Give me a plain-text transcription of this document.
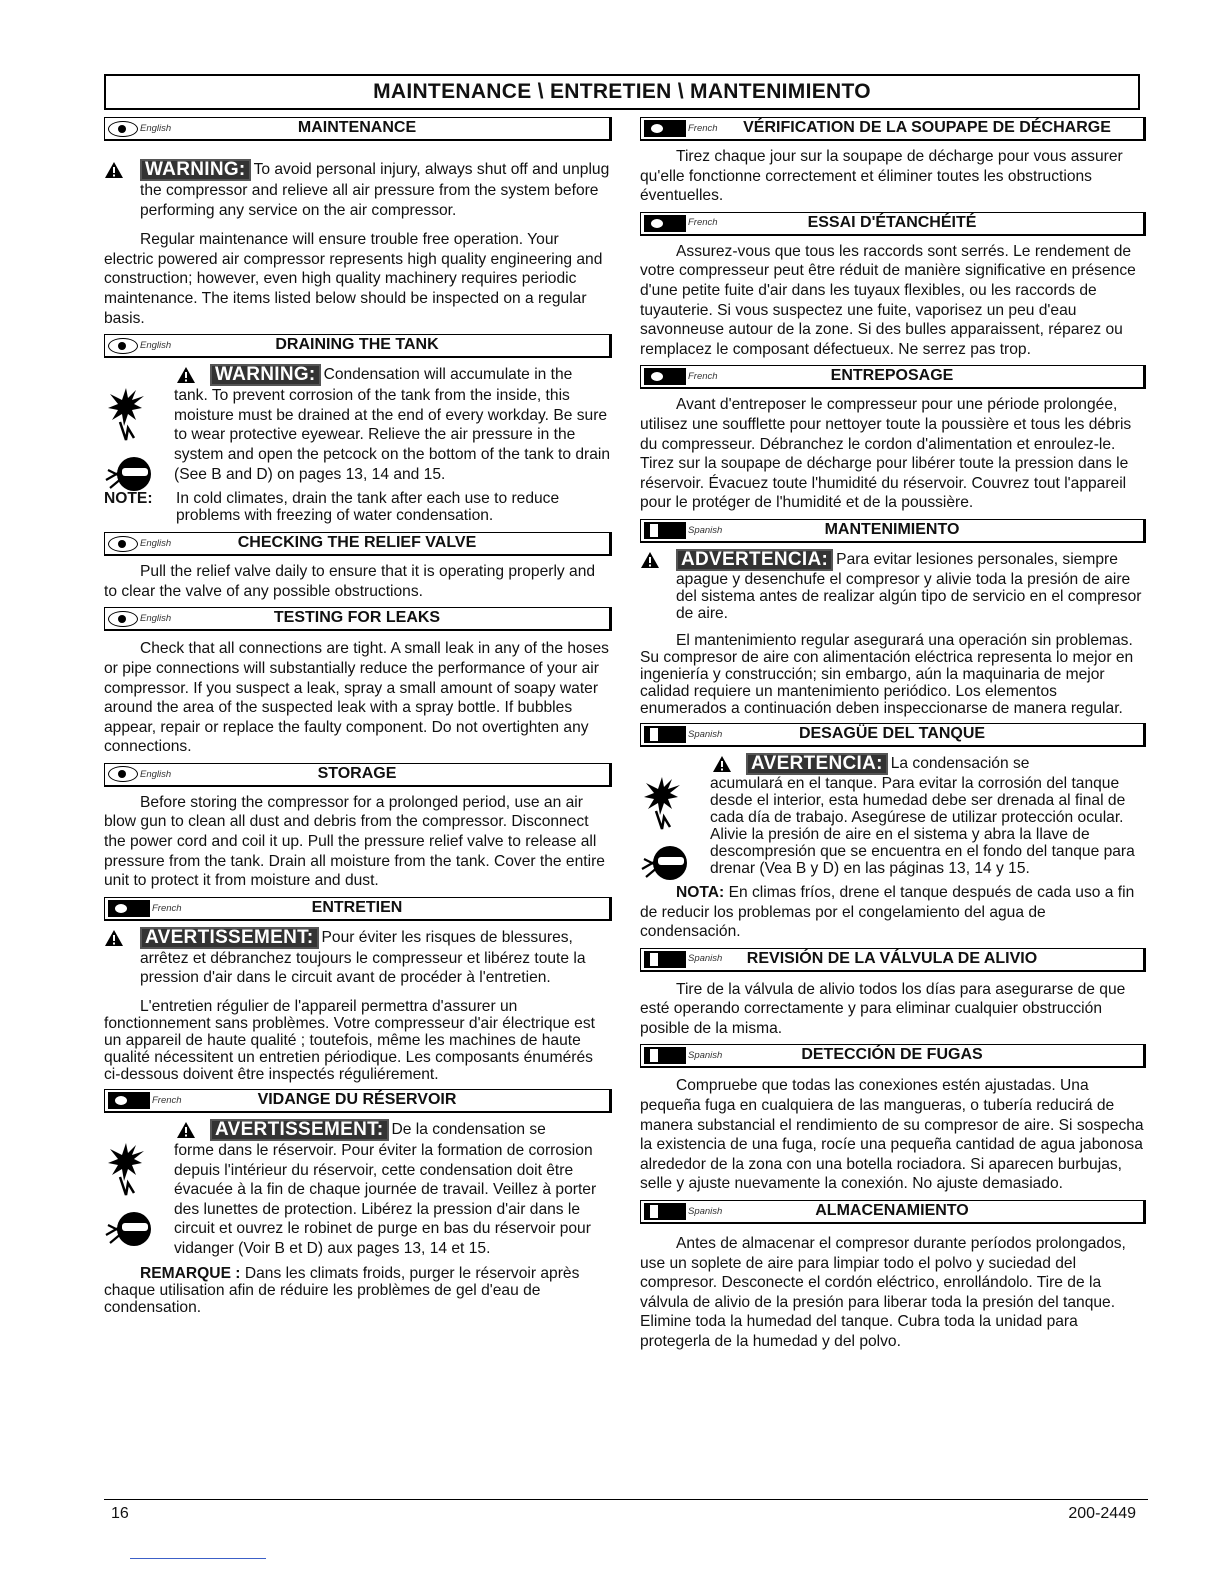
MAINTENANCE \ ENTRETIEN \ MANTENIMIENTO
English	MAINTENANCE
WARNING: To avoid personal injury, always shut off and unplug the compressor and relieve all air pressure from the system before performing any service on the air compressor.

Regular maintenance will ensure trouble free operation. Your electric powered air compressor represents high quality engineering and construction; however, even high quality machinery requires periodic maintenance. The items listed below should be inspected on a regular basis.

English	DRAINING THE TANK
WARNING: Condensation will accumulate in the
tank. To prevent corrosion of the tank from the inside, this moisture must be drained at the end of every workday. Be sure to wear protective eyewear. Relieve the air pressure in the system and open the petcock on the bottom of the tank to drain (See B and D) on pages 13, 14 and 15.
NOTE: In cold climates, drain the tank after each use to reduce problems with freezing of water condensation.
English	CHECKING THE RELIEF VALVE

Pull the relief valve daily to ensure that it is operating properly and to clear the valve of any possible obstructions.

English	TESTING FOR LEAKS

Check that all connections are tight. A small leak in any of the hoses or pipe connections will substantially reduce the performance of your air compressor. If you suspect a leak, spray a small amount of soapy water around the area of the suspected leak with a spray bottle. If bubbles appear, repair or replace the faulty component. Do not overtighten any connections.

English	STORAGE

Before storing the compressor for a prolonged period, use an air blow gun to clean all dust and debris from the compressor. Disconnect the power cord and coil it up. Pull the pressure relief valve to release all pressure from the tank. Drain all moisture from the tank. Cover the entire unit to protect it from moisture and dust.

French	ENTRETIEN
AVERTISSEMENT: Pour éviter les risques de blessures, arrêtez et débranchez toujours le compresseur et libérez toute la pression d'air dans le circuit avant de procéder à l'entretien.

L'entretien régulier de l'appareil permettra d'assurer un fonctionnement sans problèmes. Votre compresseur d'air électrique est un appareil de haute qualité ; toutefois, même les machines de haute qualité nécessitent un entretien périodique. Les composants énumérés ci-dessous doivent être inspectés réguliérement.

French	VIDANGE DU RÉSERVOIR
AVERTISSEMENT: De la condensation se
forme dans le réservoir. Pour éviter la formation de corrosion depuis l'intérieur du réservoir, cette condensation doit être évacuée à la fin de chaque journée de travail. Veillez à porter des lunettes de protection. Libérez la pression d'air dans le circuit et ouvrez le robinet de purge en bas du réservoir pour vidanger (Voir B et D) aux pages 13, 14 et 15.

REMARQUE : Dans les climats froids, purger le réservoir après chaque utilisation afin de réduire les problèmes de gel d'eau de condensation.

French	VÉRIFICATION DE LA SOUPAPE DE DÉCHARGE

Tirez chaque jour sur la soupape de décharge pour vous assurer qu'elle fonctionne correctement et éliminer toutes les obstructions éventuelles.

French	ESSAI D'ÉTANCHÉITÉ

Assurez-vous que tous les raccords sont serrés. Le rendement de votre compresseur peut être réduit de manière significative en présence d'une petite fuite d'air dans les tuyaux flexibles, ou les raccords de tuyauterie. Si vous suspectez une fuite, vaporisez un peu d'eau savonneuse autour de la zone. Si des bulles apparaissent, réparez ou remplacez le composant défectueux. Ne serrez pas trop.

French	ENTREPOSAGE

Avant d'entreposer le compresseur pour une période prolongée, utilisez une soufflette pour nettoyer toute la poussière et tous les débris du compresseur. Débranchez le cordon d'alimentation et enroulez-le. Tirez sur la soupape de décharge pour libérer toute la pression dans le réservoir. Évacuez toute l'humidité du réservoir. Couvrez tout l'appareil pour le protéger de l'humidité et de la poussière.

Spanish	MANTENIMIENTO
ADVERTENCIA: Para evitar lesiones personales, siempre apague y desenchufe el compresor y alivie toda la presión de aire del sistema antes de realizar algún tipo de servicio en el compresor de aire.

El mantenimiento regular asegurará una operación sin problemas. Su compresor de aire con alimentación eléctrica representa lo mejor en ingeniería y construcción; sin embargo, aún la maquinaria de mejor calidad requiere un mantenimiento periódico. Los elementos enumerados a continuación deben inspeccionarse de manera regular.

Spanish	DESAGÜE DEL TANQUE
AVERTENCIA: La condensación se
acumulará en el tanque. Para evitar la corrosión del tanque desde el interior, esta humedad debe ser drenada al final de cada día de trabajo. Asegúrese de utilizar protección ocular. Alivie la presión de aire en el sistema y abra la llave de descompresión que se encuentra en el fondo del tanque para drenar (Vea B y D) en las páginas 13, 14 y 15.

NOTA: En climas fríos, drene el tanque después de cada uso a fin de reducir los problemas por el congelamiento del agua de condensación.

Spanish	REVISIÓN DE LA VÁLVULA DE ALIVIO

Tire de la válvula de alivio todos los días para asegurarse de que esté operando correctamente y para eliminar cualquier obstrucción posible de la misma.

Spanish	DETECCIÓN DE FUGAS

Compruebe que todas las conexiones estén ajustadas. Una pequeña fuga en cualquiera de las mangueras, o tubería reducirá de manera substancial el rendimiento de su compresor de aire. Si sospecha la existencia de una fuga, rocíe una pequeña cantidad de agua jabonosa alrededor de la zona con una botella rociadora. Si aparecen burbujas, selle y ajuste nuevamente la conexión. No ajuste demasiado.

Spanish	ALMACENAMIENTO

Antes de almacenar el compresor durante períodos prolongados, use un soplete de aire para limpiar todo el polvo y suciedad del compresor. Desconecte el cordón eléctrico, enrollándolo. Tire de la válvula de alivio de la presión para liberar toda la presión del tanque. Elimine toda la humedad del tanque. Cubra toda la unidad para protegerla de la humedad y del polvo.

16	200-2449
